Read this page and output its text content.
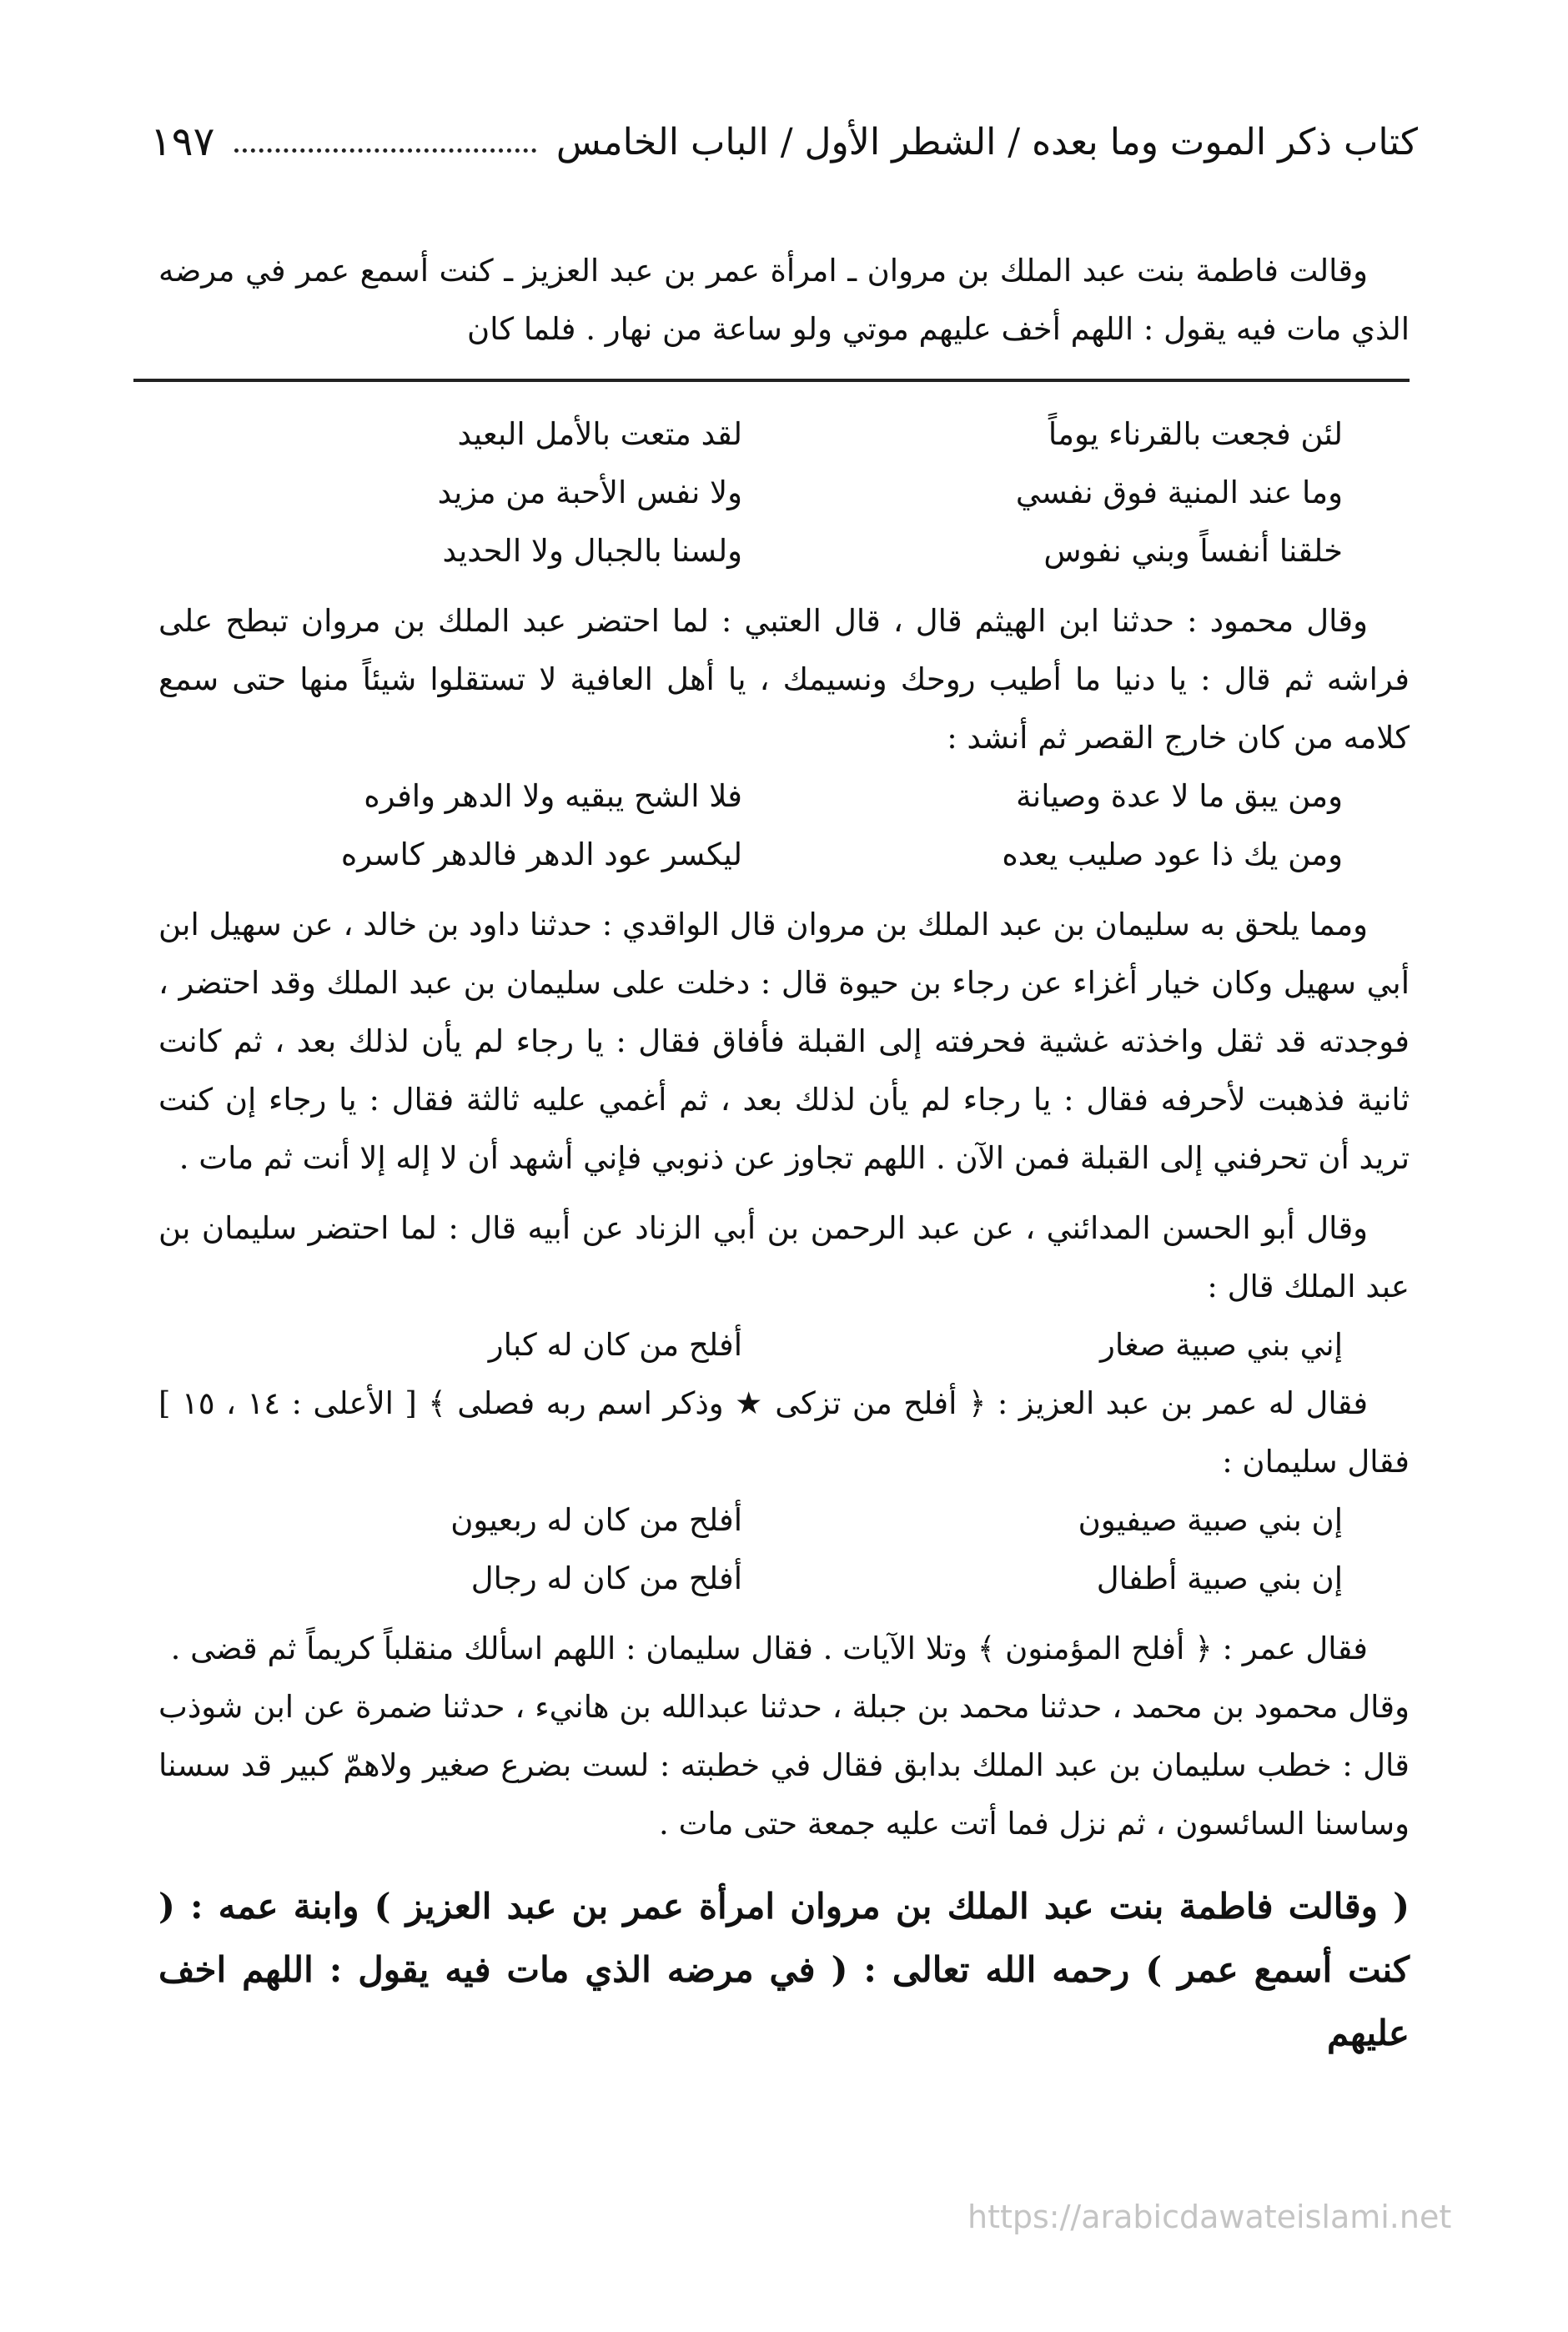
كتاب ذكر الموت وما بعده / الشطر الأول / الباب الخامس
١٩٧

وقالت فاطمة بنت عبد الملك بن مروان ـ امرأة عمر بن عبد العزيز ـ كنت أسمع عمر في مرضه الذي مات فيه يقول : اللهم أخف عليهم موتي ولو ساعة من نهار . فلما كان

لئن فجعت بالقرناء يوماً
لقد متعت بالأمل البعيد
وما عند المنية فوق نفسي
ولا نفس الأحبة من مزيد
خلقنا أنفساً وبني نفوس
ولسنا بالجبال ولا الحديد

وقال محمود : حدثنا ابن الهيثم قال ، قال العتبي : لما احتضر عبد الملك بن مروان تبطح على فراشه ثم قال : يا دنيا ما أطيب روحك ونسيمك ، يا أهل العافية لا تستقلوا شيئاً منها حتى سمع كلامه من كان خارج القصر ثم أنشد :

ومن يبق ما لا عدة وصيانة
فلا الشح يبقيه ولا الدهر وافره
ومن يك ذا عود صليب يعده
ليكسر عود الدهر فالدهر كاسره

ومما يلحق به سليمان بن عبد الملك بن مروان قال الواقدي : حدثنا داود بن خالد ، عن سهيل ابن أبي سهيل وكان خيار أغزاء عن رجاء بن حيوة قال : دخلت على سليمان بن عبد الملك وقد احتضر ، فوجدته قد ثقل واخذته غشية فحرفته إلى القبلة فأفاق فقال : يا رجاء لم يأن لذلك بعد ، ثم كانت ثانية فذهبت لأحرفه فقال : يا رجاء لم يأن لذلك بعد ، ثم أغمي عليه ثالثة فقال : يا رجاء إن كنت تريد أن تحرفني إلى القبلة فمن الآن . اللهم تجاوز عن ذنوبي فإني أشهد أن لا إله إلا أنت ثم مات .

وقال أبو الحسن المدائني ، عن عبد الرحمن بن أبي الزناد عن أبيه قال : لما احتضر سليمان بن عبد الملك قال :

إني بني صبية صغار
أفلح من كان له كبار

فقال له عمر بن عبد العزيز : ﴿ أفلح من تزكى ★ وذكر اسم ربه فصلى ﴾ [ الأعلى : ١٤ ، ١٥ ] فقال سليمان :

إن بني صبية صيفيون
أفلح من كان له ربعيون
إن بني صبية أطفال
أفلح من كان له رجال

فقال عمر : ﴿ أفلح المؤمنون ﴾ وتلا الآيات . فقال سليمان : اللهم اسألك منقلباً كريماً ثم قضى .

وقال محمود بن محمد ، حدثنا محمد بن جبلة ، حدثنا عبدالله بن هانيء ، حدثنا ضمرة عن ابن شوذب قال : خطب سليمان بن عبد الملك بدابق فقال في خطبته : لست بضرع صغير ولاهمّ كبير قد سسنا وساسنا السائسون ، ثم نزل فما أتت عليه جمعة حتى مات .

( وقالت فاطمة بنت عبد الملك بن مروان امرأة عمر بن عبد العزيز ) وابنة عمه : ( كنت أسمع عمر ) رحمه الله تعالى : ( في مرضه الذي مات فيه يقول : اللهم اخف عليهم

https://arabicdawateislami.net
